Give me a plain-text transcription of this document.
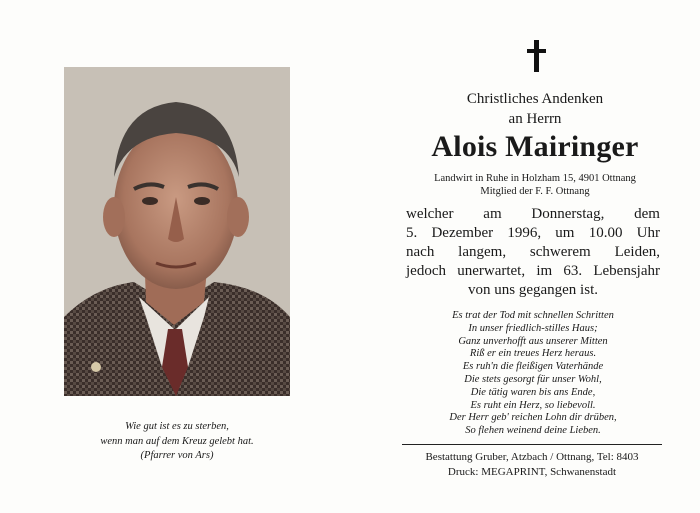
Wie gut ist es zu sterben,
wenn man auf dem Kreuz gelebt hat.
(Pfarrer von Ars)
Christliches Andenken
an Herrn
Alois Mairinger
Landwirt in Ruhe in Holzham 15, 4901 Ottnang
Mitglied der F. F. Ottnang
welcher am Donnerstag, dem
5. Dezember 1996, um 10.00 Uhr
nach langem, schwerem Leiden,
jedoch unerwartet, im 63. Lebensjahr
von uns gegangen ist.
Es trat der Tod mit schnellen Schritten
In unser friedlich-stilles Haus;
Ganz unverhofft aus unserer Mitten
Riß er ein treues Herz heraus.
Es ruh'n die fleißigen Vaterhände
Die stets gesorgt für unser Wohl,
Die tätig waren bis ans Ende,
Es ruht ein Herz, so liebevoll.
Der Herr geb' reichen Lohn dir drüben,
So flehen weinend deine Lieben.
Bestattung Gruber, Atzbach / Ottnang, Tel: 8403
Druck: MEGAPRINT, Schwanenstadt
